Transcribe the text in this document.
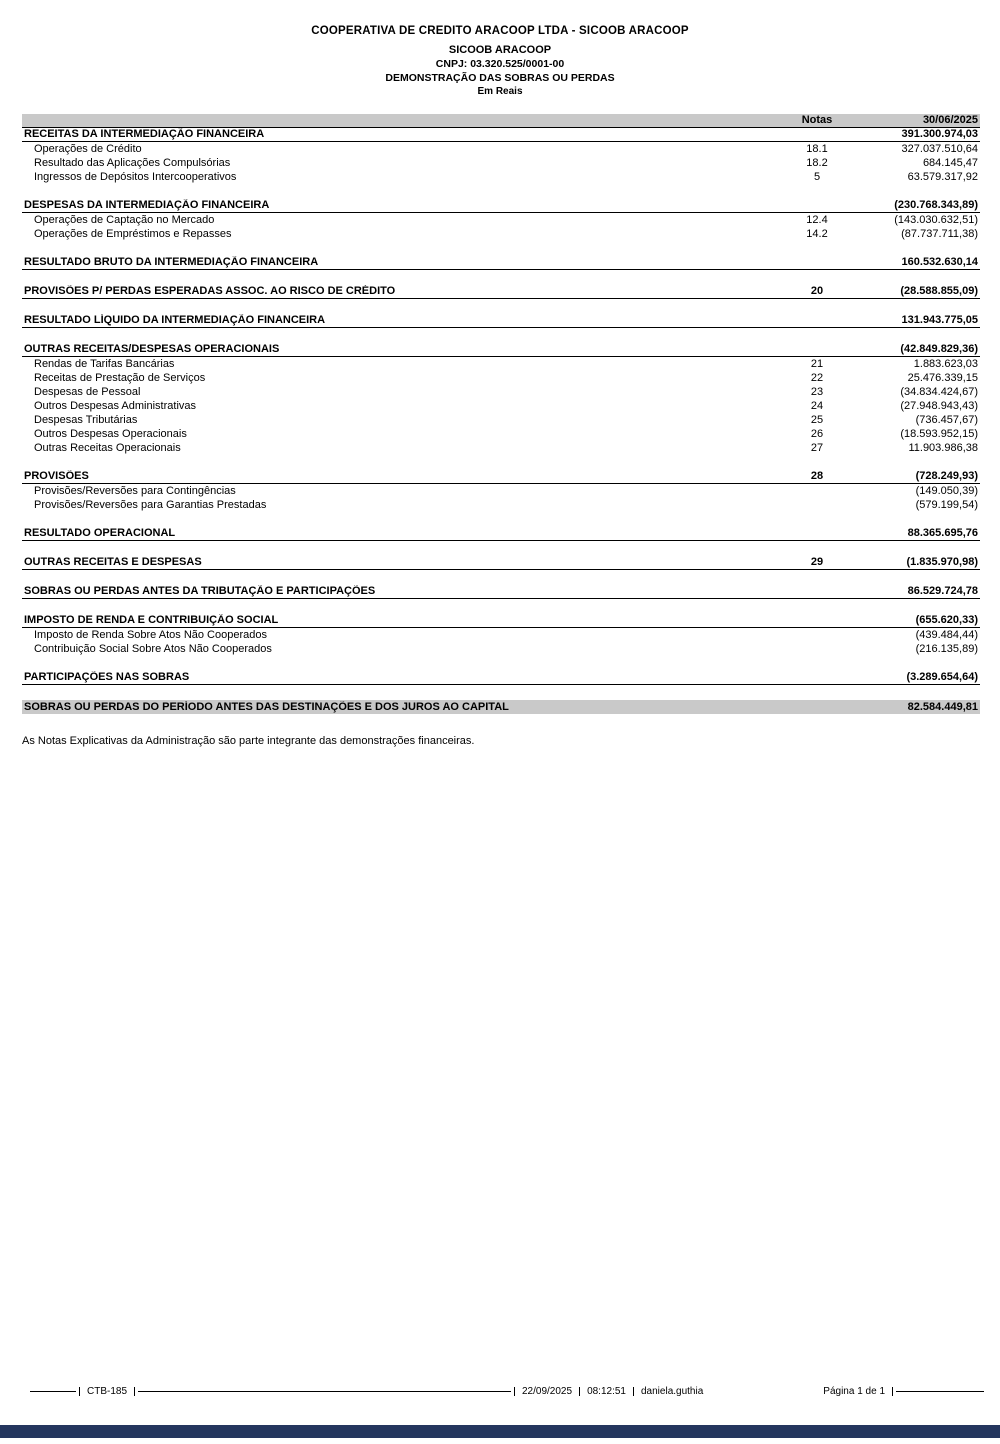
COOPERATIVA DE CREDITO ARACOOP LTDA - SICOOB ARACOOP
SICOOB ARACOOP
CNPJ: 03.320.525/0001-00
DEMONSTRAÇÃO DAS SOBRAS OU PERDAS
Em Reais
Notas	30/06/2025
RECEITAS DA INTERMEDIAÇÃO FINANCEIRA	391.300.974,03
Operações de Crédito	18.1	327.037.510,64
Resultado das Aplicações Compulsórias	18.2	684.145,47
Ingressos de Depósitos Intercooperativos	5	63.579.317,92
DESPESAS DA INTERMEDIAÇÃO FINANCEIRA	(230.768.343,89)
Operações de Captação no Mercado	12.4	(143.030.632,51)
Operações de Empréstimos e Repasses	14.2	(87.737.711,38)
RESULTADO BRUTO DA INTERMEDIAÇÃO FINANCEIRA	160.532.630,14
PROVISÕES P/ PERDAS ESPERADAS ASSOC. AO RISCO DE CRÉDITO	20	(28.588.855,09)
RESULTADO LÍQUIDO DA INTERMEDIAÇÃO FINANCEIRA	131.943.775,05
OUTRAS RECEITAS/DESPESAS OPERACIONAIS	(42.849.829,36)
Rendas de Tarifas Bancárias	21	1.883.623,03
Receitas de Prestação de Serviços	22	25.476.339,15
Despesas de Pessoal	23	(34.834.424,67)
Outros Despesas Administrativas	24	(27.948.943,43)
Despesas Tributárias	25	(736.457,67)
Outros Despesas Operacionais	26	(18.593.952,15)
Outras Receitas Operacionais	27	11.903.986,38
PROVISÕES	28	(728.249,93)
Provisões/Reversões para Contingências	(149.050,39)
Provisões/Reversões para Garantias Prestadas	(579.199,54)
RESULTADO OPERACIONAL	88.365.695,76
OUTRAS RECEITAS E DESPESAS	29	(1.835.970,98)
SOBRAS OU PERDAS ANTES DA TRIBUTAÇÃO E PARTICIPAÇÕES	86.529.724,78
IMPOSTO DE RENDA E CONTRIBUIÇÃO SOCIAL	(655.620,33)
Imposto de Renda Sobre Atos Não Cooperados	(439.484,44)
Contribuição Social Sobre Atos Não Cooperados	(216.135,89)
PARTICIPAÇÕES NAS SOBRAS	(3.289.654,64)
SOBRAS OU PERDAS DO PERÍODO ANTES DAS DESTINAÇÕES E DOS JUROS AO CAPITAL	82.584.449,81

As Notas Explicativas da Administração são parte integrante das demonstrações financeiras.

CTB-185	22/09/2025 08:12:51 daniela.guthia	Página 1 de 1
